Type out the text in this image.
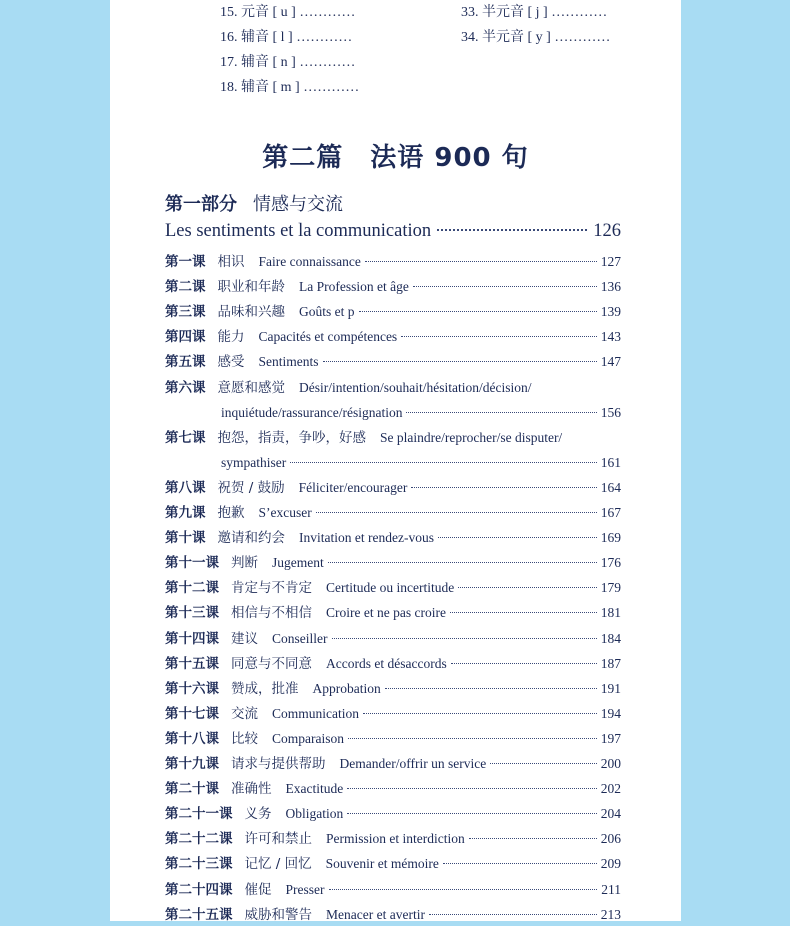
15. 元音 [ u ] …………
16. 辅音 [ l ] …………
17. 辅音 [ n ] …………
18. 辅音 [ m ] …………
33. 半元音 [ j ] …………
34. 半元音 [ y ] …………
第二篇　法语 900 句
第一部分 情感与交流
Les sentiments et la communication	126
第一课 相识 Faire connaissance	127
第二课 职业和年龄 La Profession et âge	136
第三课 品味和兴趣 Goûts et p	139
第四课 能力 Capacités et compétences	143
第五课 感受 Sentiments	147
第六课 意愿和感觉 Désir/intention/souhait/hésitation/décision/
inquiétude/rassurance/résignation	156
第七课 抱怨，指责，争吵，好感 Se plaindre/reprocher/se disputer/
sympathiser	161
第八课 祝贺 / 鼓励 Féliciter/encourager	164
第九课 抱歉 S’excuser	167
第十课 邀请和约会 Invitation et rendez-vous	169
第十一课 判断 Jugement	176
第十二课 肯定与不肯定 Certitude ou incertitude	179
第十三课 相信与不相信 Croire et ne pas croire	181
第十四课 建议 Conseiller	184
第十五课 同意与不同意 Accords et désaccords	187
第十六课 赞成，批准 Approbation	191
第十七课 交流 Communication	194
第十八课 比较 Comparaison	197
第十九课 请求与提供帮助 Demander/offrir un service	200
第二十课 准确性 Exactitude	202
第二十一课 义务 Obligation	204
第二十二课 许可和禁止 Permission et interdiction	206
第二十三课 记忆 / 回忆 Souvenir et mémoire	209
第二十四课 催促 Presser	211
第二十五课 威胁和警告 Menacer et avertir	213
